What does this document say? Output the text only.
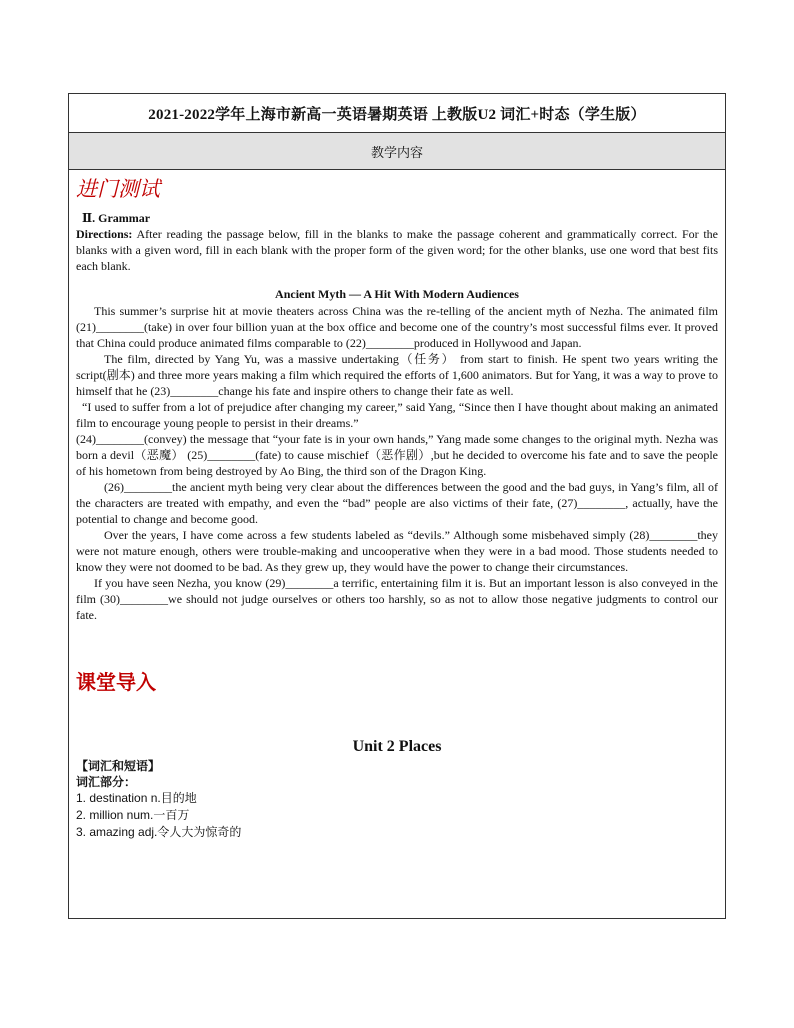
2021-2022学年上海市新高一英语暑期英语 上教版U2 词汇+时态（学生版）
教学内容
进门测试
Ⅱ. Grammar
Directions: After reading the passage below, fill in the blanks to make the passage coherent and grammatically correct. For the blanks with a given word, fill in each blank with the proper form of the given word; for the other blanks, use one word that best fits each blank.
Ancient Myth — A Hit With Modern Audiences

This summer’s surprise hit at movie theaters across China was the re-telling of the ancient myth of Nezha. The animated film (21)________(take) in over four billion yuan at the box office and become one of the country’s most successful films ever. It proved that China could produce animated films comparable to (22)________produced in Hollywood and Japan.

The film, directed by Yang Yu, was a massive undertaking（任务） from start to finish. He spent two years writing the script(剧本) and three more years making a film which required the efforts of 1,600 animators. But for Yang, it was a way to prove to himself that he (23)________change his fate and inspire others to change their fate as well.

“I used to suffer from a lot of prejudice after changing my career,” said Yang, “Since then I have thought about making an animated film to encourage young people to persist in their dreams.”

(24)________(convey) the message that “your fate is in your own hands,” Yang made some changes to the original myth. Nezha was born a devil（恶魔） (25)________(fate) to cause mischief（恶作剧）,but he decided to overcome his fate and to save the people of his hometown from being destroyed by Ao Bing, the third son of the Dragon King.

(26)________the ancient myth being very clear about the differences between the good and the bad guys, in Yang’s film, all of the characters are treated with empathy, and even the “bad” people are also victims of their fate, (27)________, actually, have the potential to change and become good.

Over the years, I have come across a few students labeled as “devils.” Although some misbehaved simply (28)________they were not mature enough, others were trouble-making and uncooperative when they were in a bad mood. Those students needed to know they were not doomed to be bad. As they grew up, they would have the power to change their circumstances.

If you have seen Nezha, you know (29)________a terrific, entertaining film it is. But an important lesson is also conveyed in the film (30)________we should not judge ourselves or others too harshly, so as not to allow those negative judgments to control our fate.

课堂导入
Unit 2 Places
【词汇和短语】
词汇部分：
1. destination n.目的地
2. million num.一百万
3. amazing adj.令人大为惊奇的
